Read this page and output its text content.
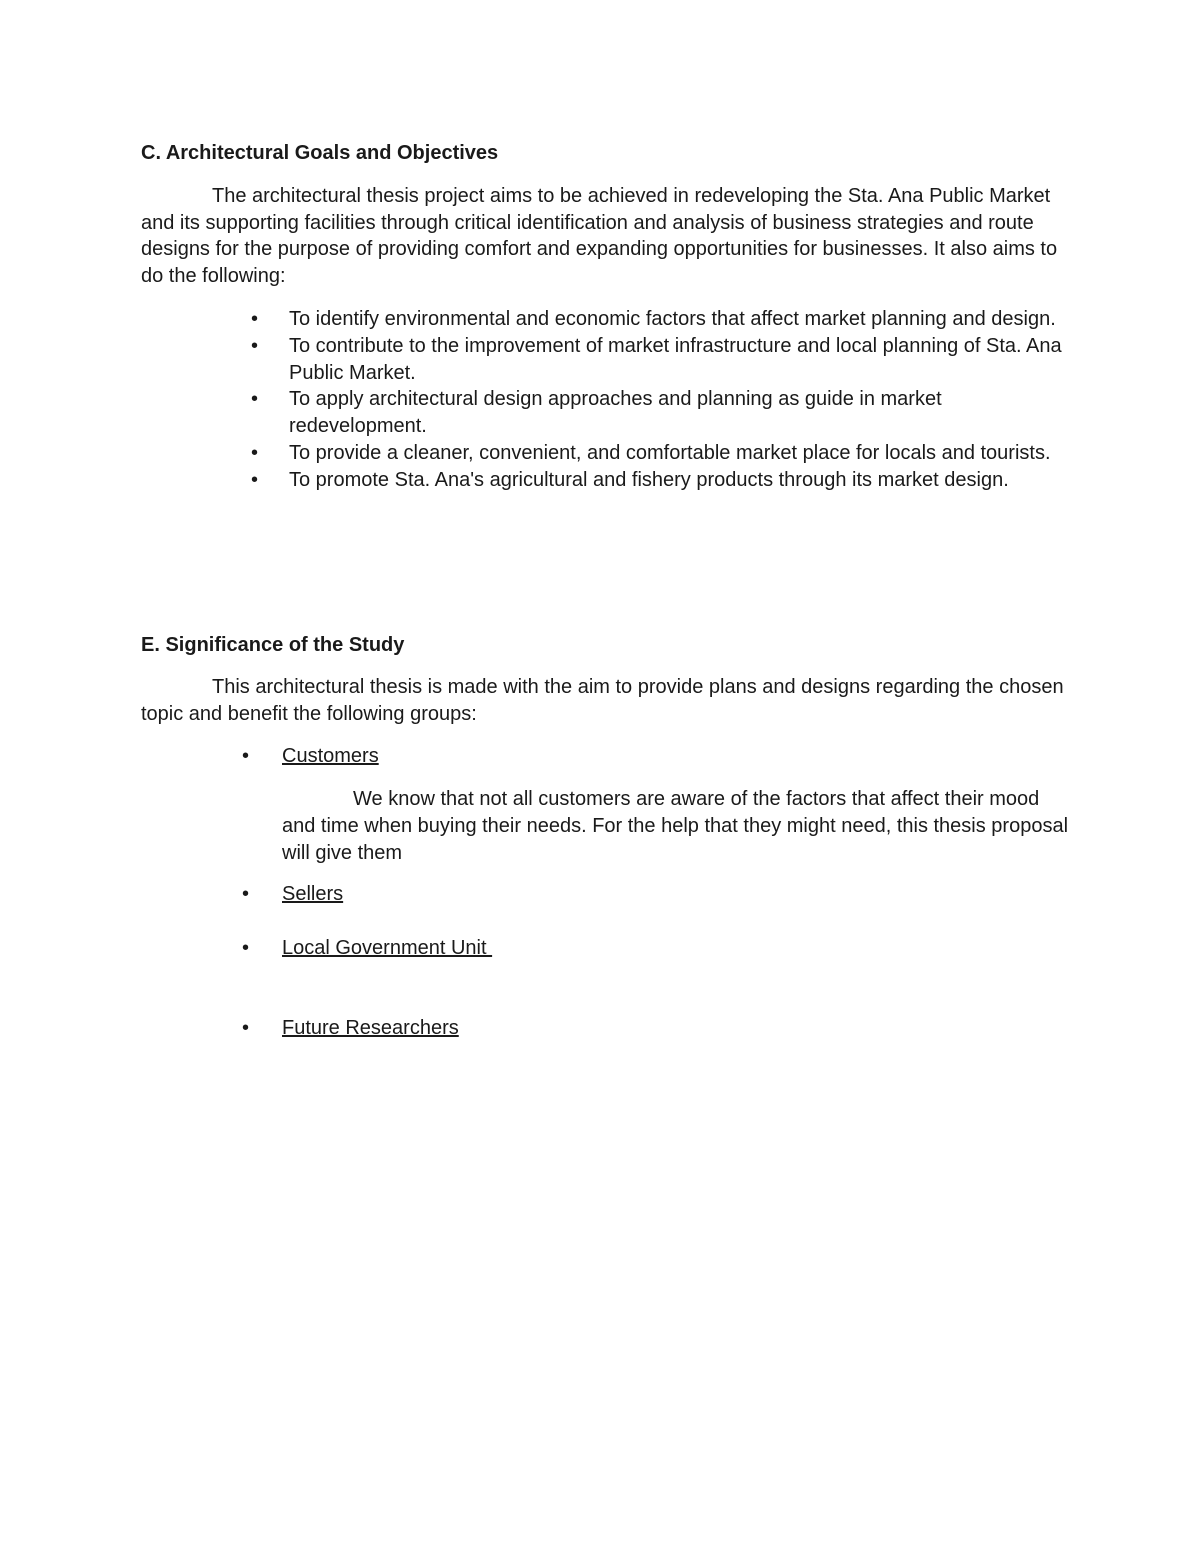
C. Architectural Goals and Objectives

The architectural thesis project aims to be achieved in redeveloping the Sta. Ana Public Market and its supporting facilities through critical identification and analysis of business strategies and route designs for the purpose of providing comfort and expanding opportunities for businesses. It also aims to do the following:

• To identify environmental and economic factors that affect market planning and design.
• To contribute to the improvement of market infrastructure and local planning of Sta. Ana Public Market.
• To apply architectural design approaches and planning as guide in market redevelopment.
• To provide a cleaner, convenient, and comfortable market place for locals and tourists.
• To promote Sta. Ana's agricultural and fishery products through its market design.
E. Significance of the Study

This architectural thesis is made with the aim to provide plans and designs regarding the chosen topic and benefit the following groups:

• Customers

We know that not all customers are aware of the factors that affect their mood and time when buying their needs. For the help that they might need, this thesis proposal will give them

• Sellers
• Local Government Unit
• Future Researchers
